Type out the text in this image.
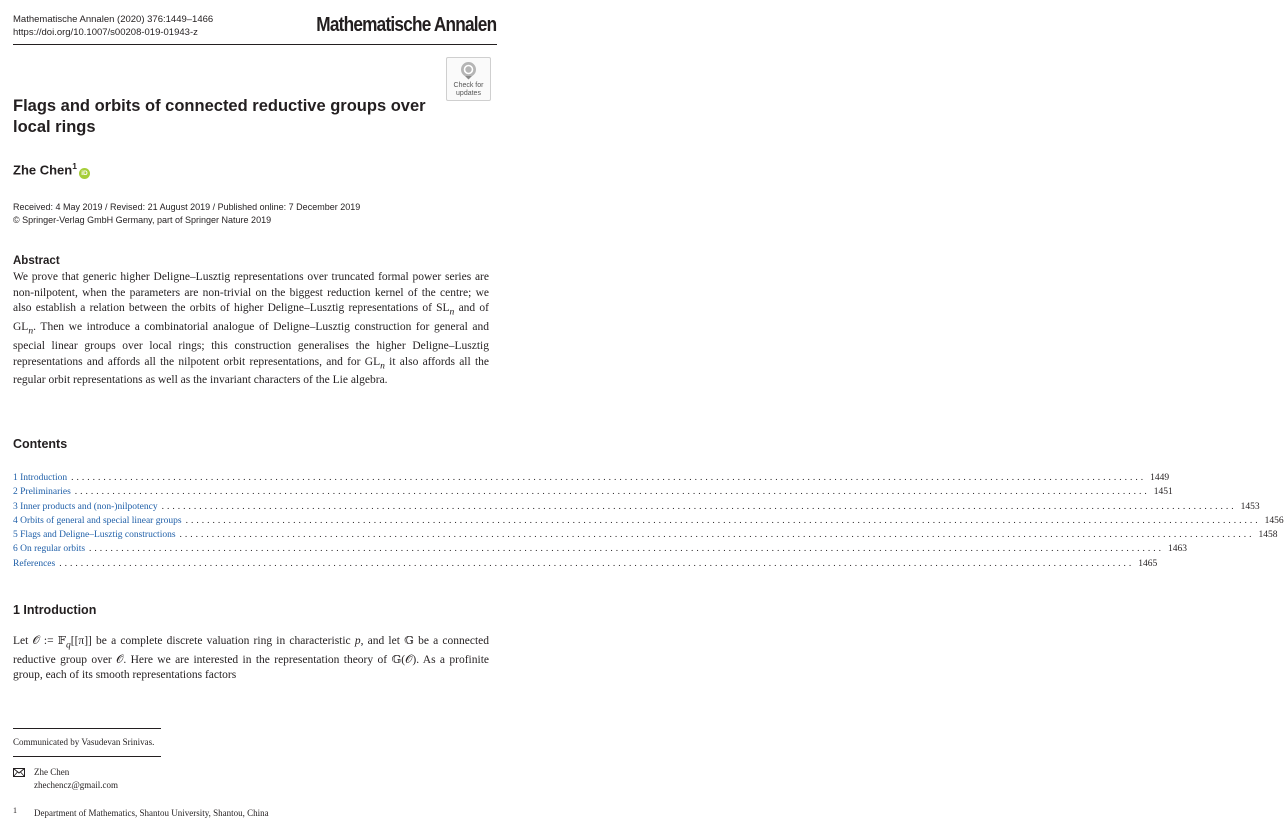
Mathematische Annalen (2020) 376:1449–1466
https://doi.org/10.1007/s00208-019-01943-z	Mathematische Annalen
Check for
updates
Flags and orbits of connected reductive groups over local rings
Zhe Chen$^1$iD
Received: 4 May 2019 / Revised: 21 August 2019 / Published online: 7 December 2019
© Springer-Verlag GmbH Germany, part of Springer Nature 2019
Abstract
We prove that generic higher Deligne–Lusztig representations over truncated formal power series are non-nilpotent, when the parameters are non-trivial on the biggest reduction kernel of the centre; we also establish a relation between the orbits of higher Deligne–Lusztig representations of $SL_n$ and of $GL_n$. Then we introduce a combinatorial analogue of Deligne–Lusztig construction for general and special linear groups over local rings; this construction generalises the higher Deligne–Lusztig representations and affords all the nilpotent orbit representations, and for $GL_n$ it also affords all the regular orbit representations as well as the invariant characters of the Lie algebra.
Contents
1 Introduction ........................................................................................................................................................................................................ 1449
2 Preliminaries ........................................................................................................................................................................................................ 1451
3 Inner products and (non-)nilpotency ........................................................................................................................................................................................................ 1453
4 Orbits of general and special linear groups ........................................................................................................................................................................................................ 1456
5 Flags and Deligne–Lusztig constructions ........................................................................................................................................................................................................ 1458
6 On regular orbits ........................................................................................................................................................................................................ 1463
References ........................................................................................................................................................................................................ 1465
1 Introduction
Let 𝒪 := 𝔽$_q$[[π]] be a complete discrete valuation ring in characteristic p, and let 𝔾 be a connected reductive group over 𝒪. Here we are interested in the representation theory of 𝔾(𝒪). As a profinite group, each of its smooth representations factors
Communicated by Vasudevan Srinivas.
Zhe Chen
zhechencz@gmail.com
1 Department of Mathematics, Shantou University, Shantou, China
